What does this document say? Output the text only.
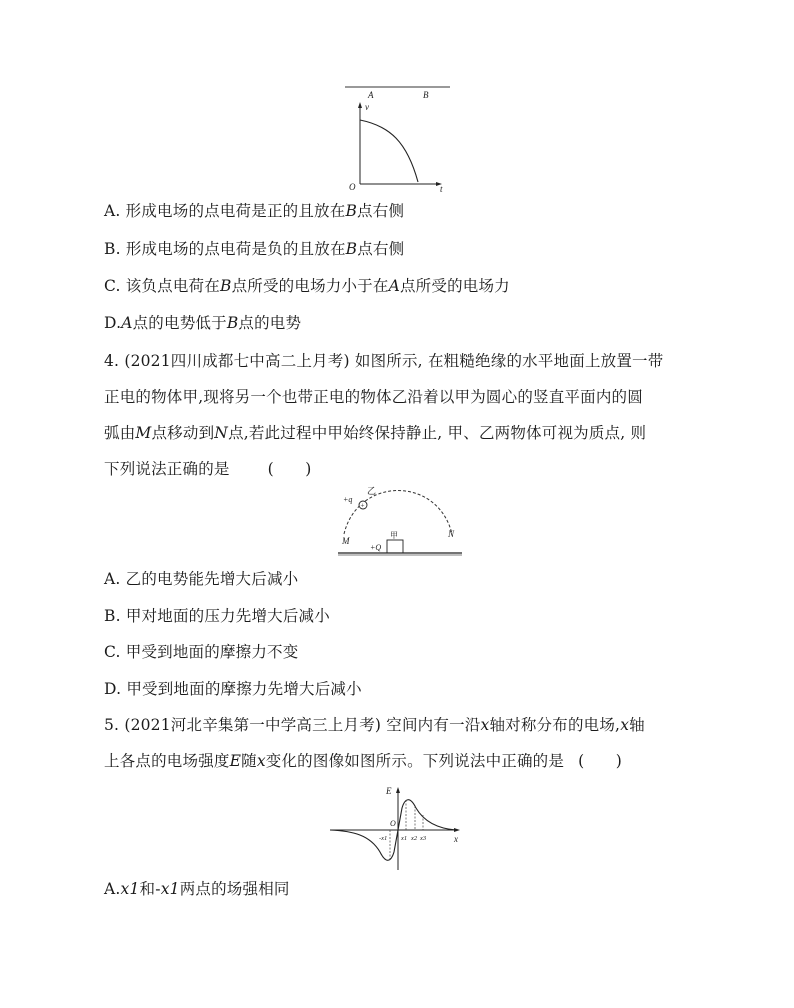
A	B
v
t
O
A. 形成电场的点电荷是正的且放在B点右侧
B. 形成电场的点电荷是负的且放在B点右侧
C. 该负点电荷在B点所受的电场力小于在A点所受的电场力
D.A点的电势低于B点的电势
4. (2021四川成都七中高二上月考) 如图所示, 在粗糙绝缘的水平地面上放置一带
正电的物体甲,现将另一个也带正电的物体乙沿着以甲为圆心的竖直平面内的圆
弧由M点移动到N点,若此过程中甲始终保持静止, 甲、乙两物体可视为质点, 则
下列说法正确的是 (　　)
+
乙
+q
M
N
甲
+Q
A. 乙的电势能先增大后减小
B. 甲对地面的压力先增大后减小
C. 甲受到地面的摩擦力不变
D. 甲受到地面的摩擦力先增大后减小
5. (2021河北辛集第一中学高三上月考) 空间内有一沿x轴对称分布的电场,x轴
上各点的电场强度E随x变化的图像如图所示。下列说法中正确的是 (　　)
E
x
O
-x1 x1 x2 x3
A.x1和-x1两点的场强相同
